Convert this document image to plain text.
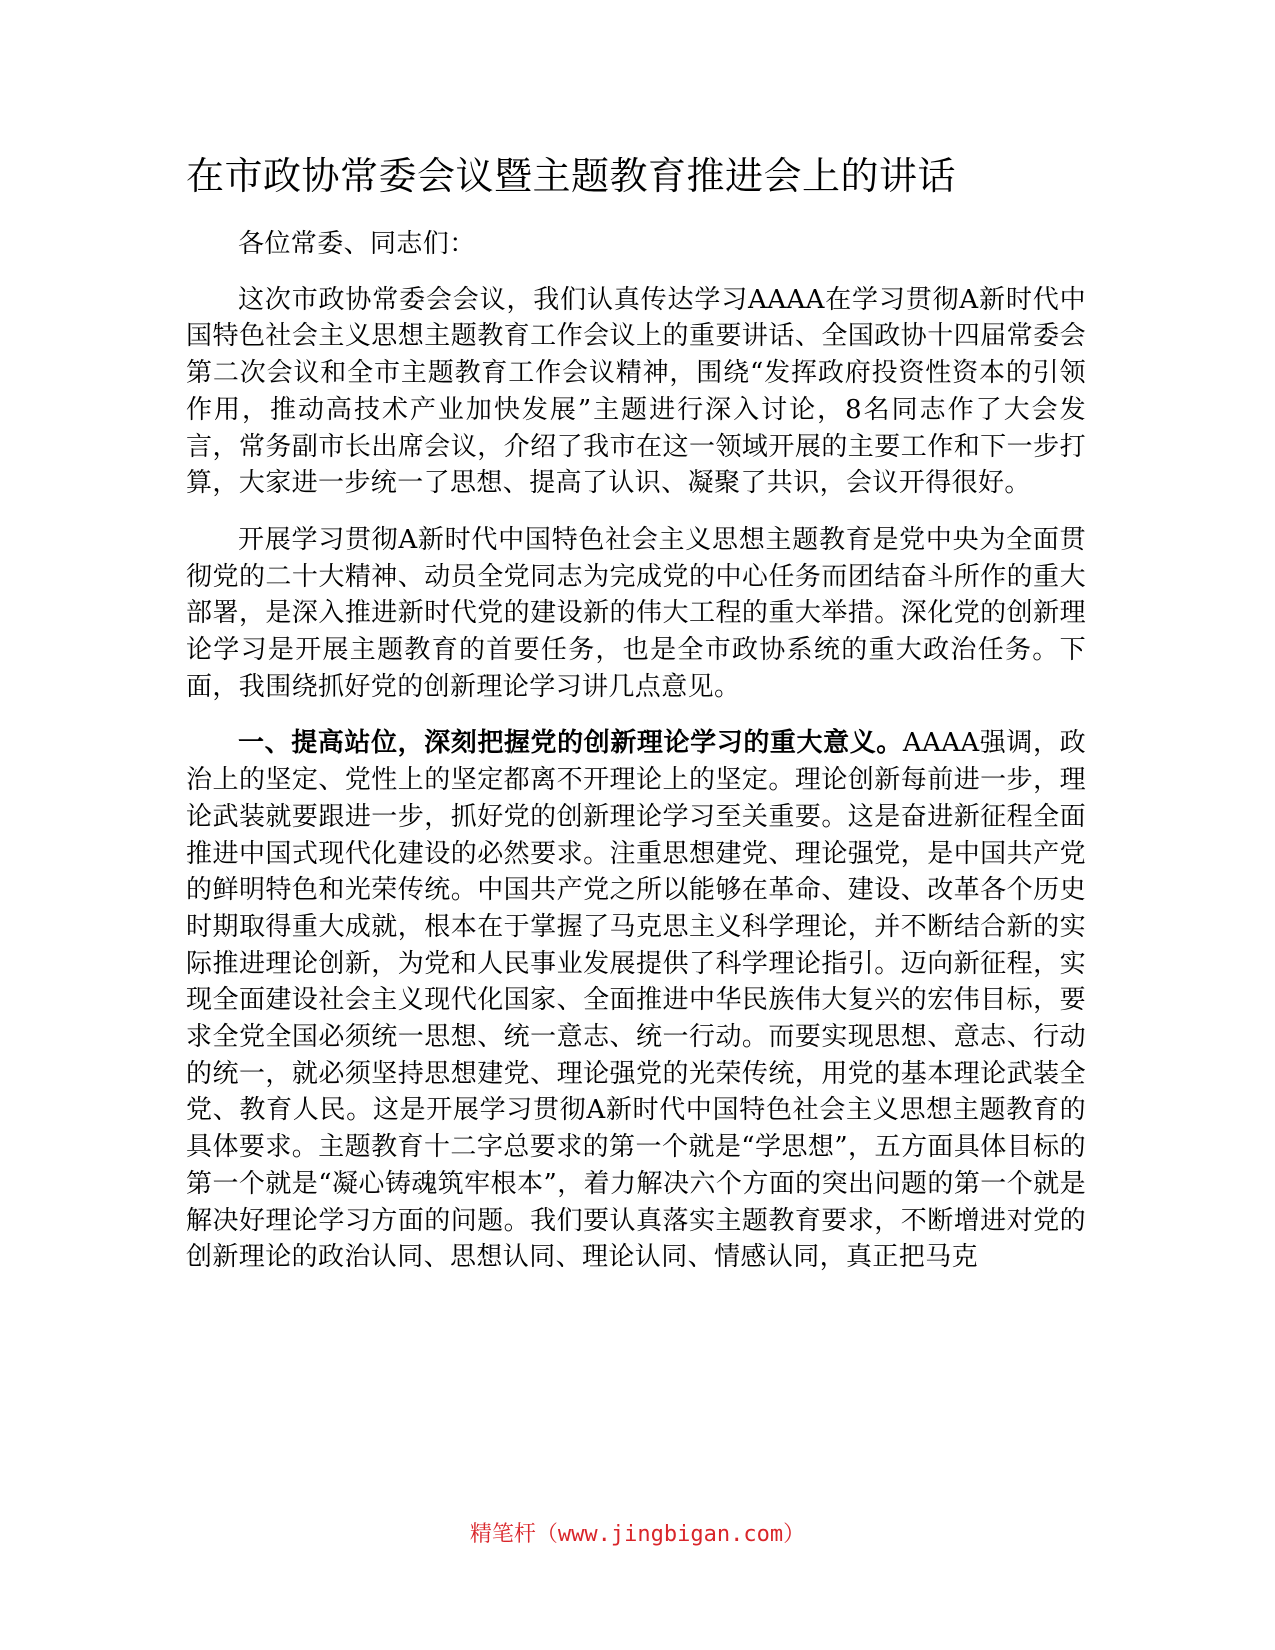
在市政协常委会议暨主题教育推进会上的讲话

各位常委、同志们：

这次市政协常委会会议，我们认真传达学习AAAA在学习贯彻A新时代中国特色社会主义思想主题教育工作会议上的重要讲话、全国政协十四届常委会第二次会议和全市主题教育工作会议精神，围绕“发挥政府投资性资本的引领作用，推动高技术产业加快发展”主题进行深入讨论，8名同志作了大会发言，常务副市长出席会议，介绍了我市在这一领域开展的主要工作和下一步打算，大家进一步统一了思想、提高了认识、凝聚了共识，会议开得很好。

开展学习贯彻A新时代中国特色社会主义思想主题教育是党中央为全面贯彻党的二十大精神、动员全党同志为完成党的中心任务而团结奋斗所作的重大部署，是深入推进新时代党的建设新的伟大工程的重大举措。深化党的创新理论学习是开展主题教育的首要任务，也是全市政协系统的重大政治任务。下面，我围绕抓好党的创新理论学习讲几点意见。

一、提高站位，深刻把握党的创新理论学习的重大意义。AAAA强调，政治上的坚定、党性上的坚定都离不开理论上的坚定。理论创新每前进一步，理论武装就要跟进一步，抓好党的创新理论学习至关重要。这是奋进新征程全面推进中国式现代化建设的必然要求。注重思想建党、理论强党，是中国共产党的鲜明特色和光荣传统。中国共产党之所以能够在革命、建设、改革各个历史时期取得重大成就，根本在于掌握了马克思主义科学理论，并不断结合新的实际推进理论创新，为党和人民事业发展提供了科学理论指引。迈向新征程，实现全面建设社会主义现代化国家、全面推进中华民族伟大复兴的宏伟目标，要求全党全国必须统一思想、统一意志、统一行动。而要实现思想、意志、行动的统一，就必须坚持思想建党、理论强党的光荣传统，用党的基本理论武装全党、教育人民。这是开展学习贯彻A新时代中国特色社会主义思想主题教育的具体要求。主题教育十二字总要求的第一个就是“学思想”，五方面具体目标的第一个就是“凝心铸魂筑牢根本”，着力解决六个方面的突出问题的第一个就是解决好理论学习方面的问题。我们要认真落实主题教育要求，不断增进对党的创新理论的政治认同、思想认同、理论认同、情感认同，真正把马克

精笔杆（www.jingbigan.com）
